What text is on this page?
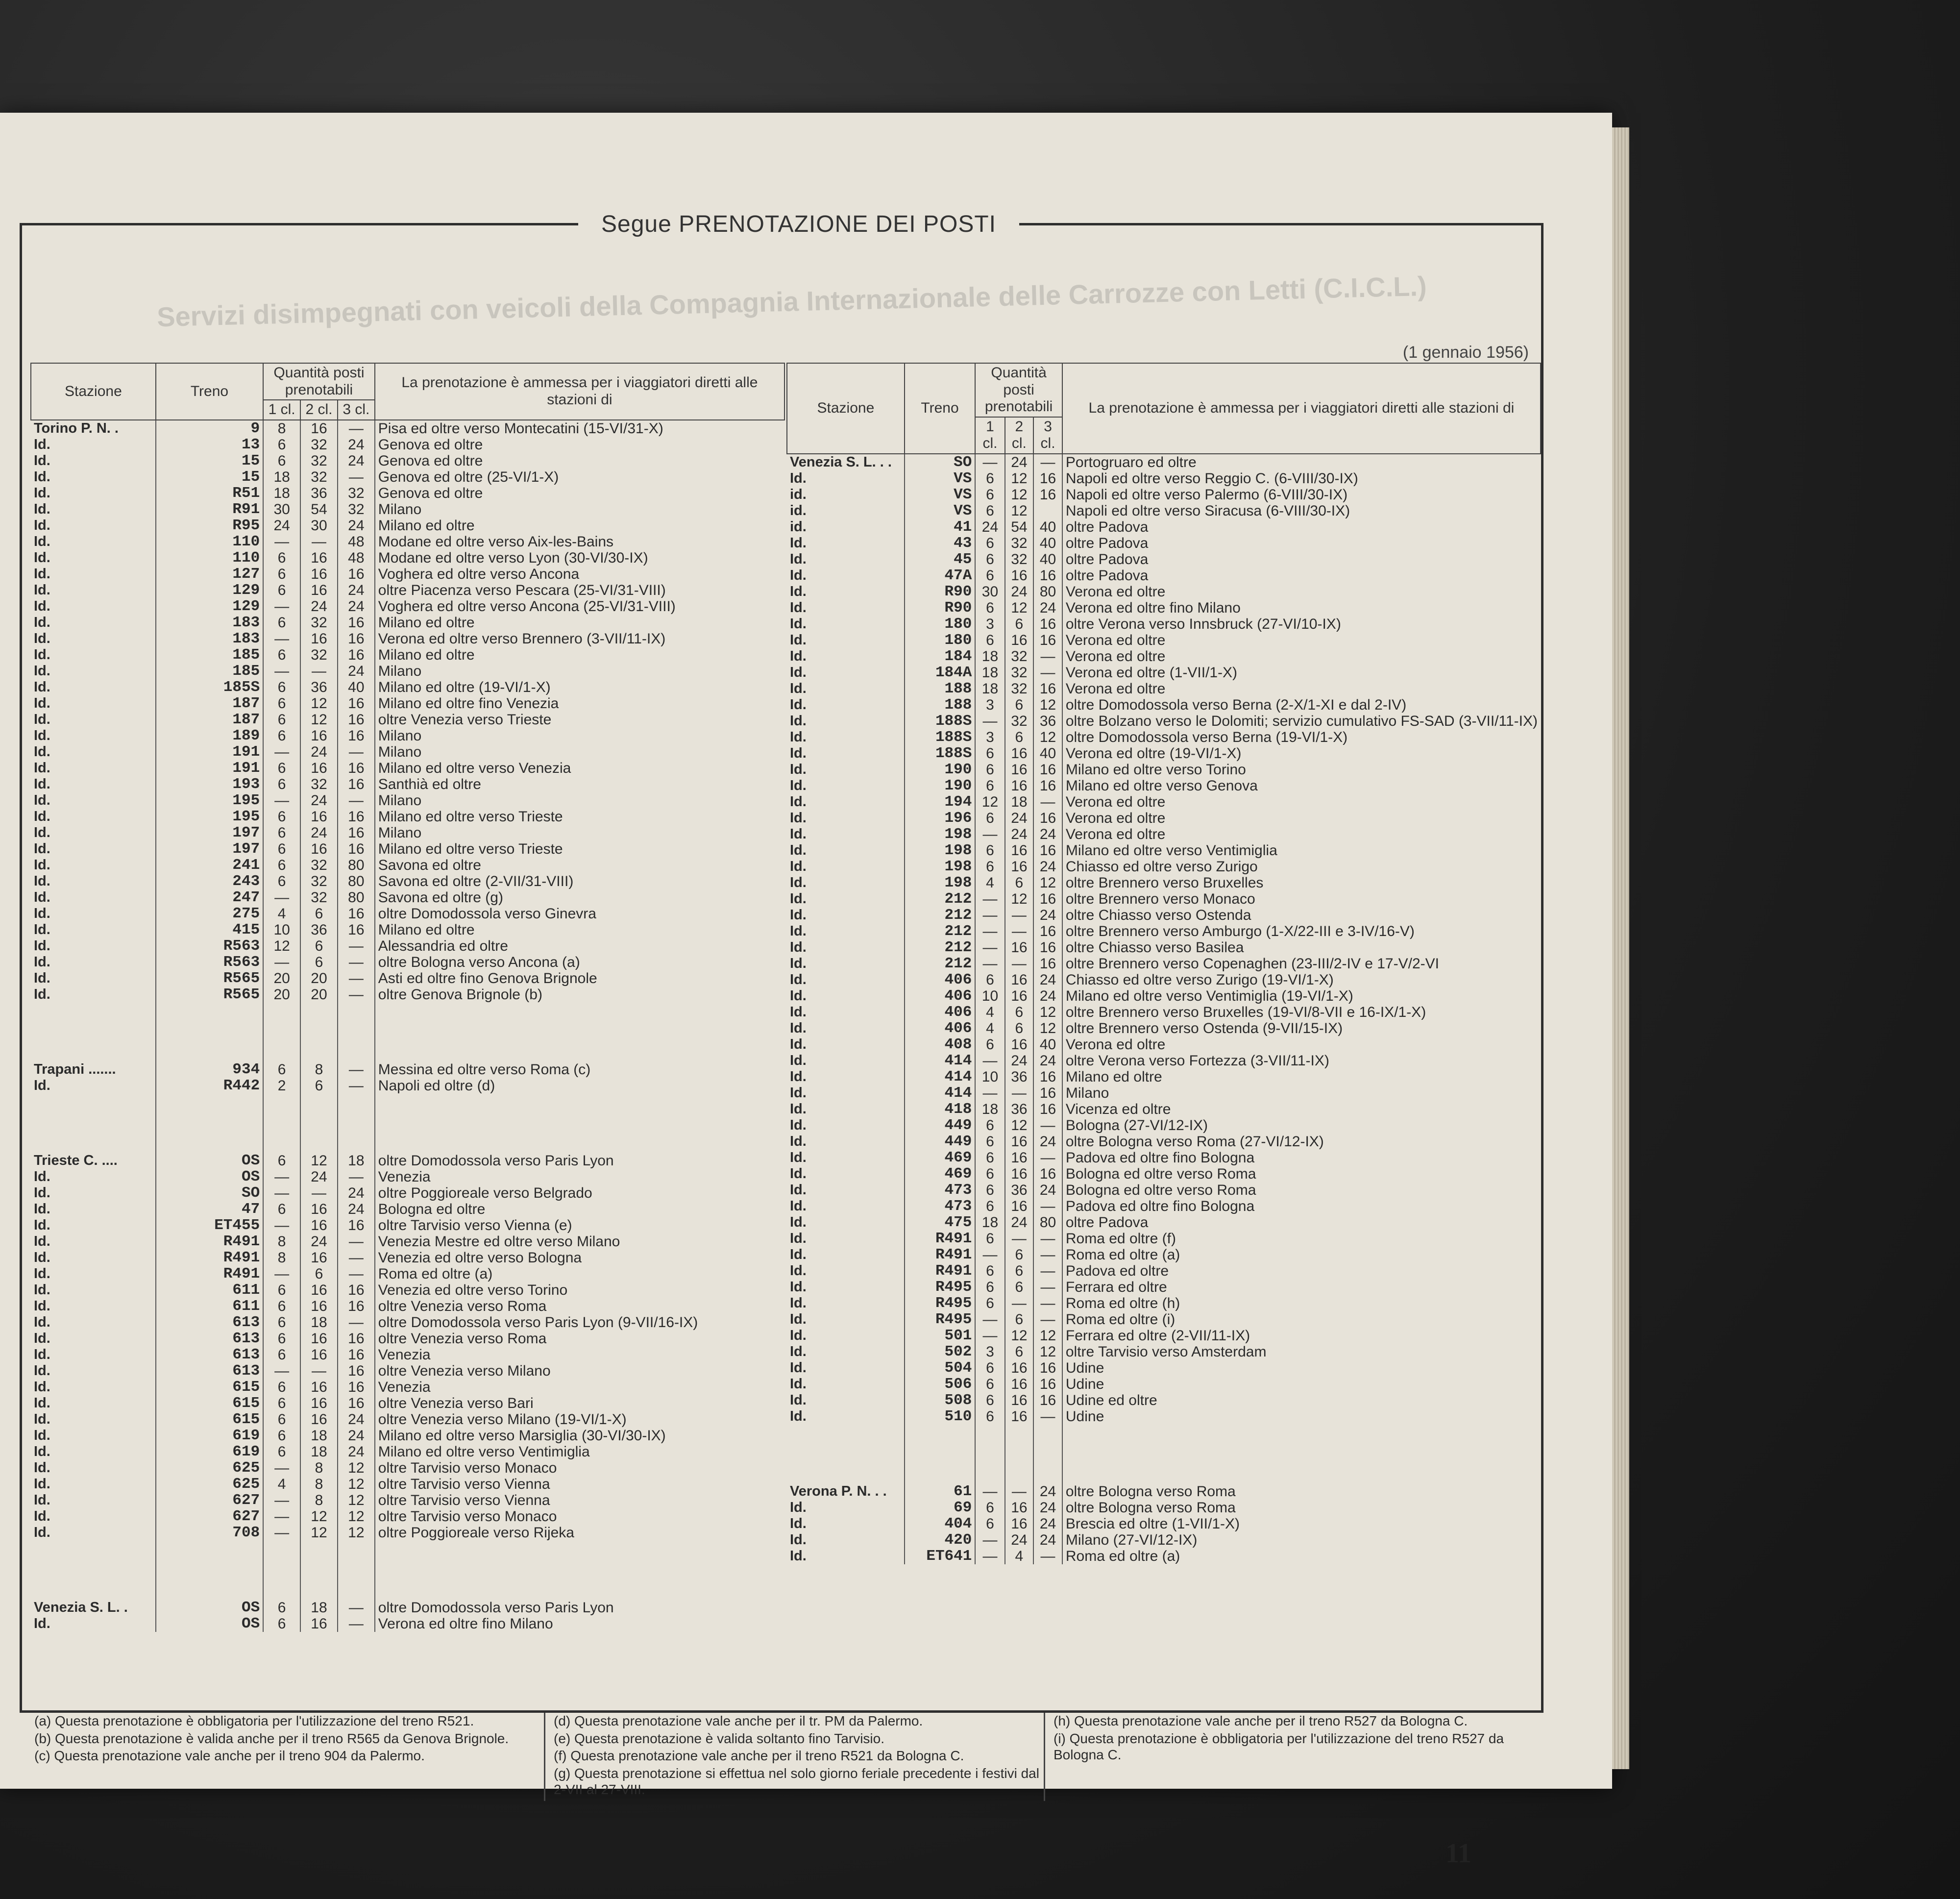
Servizi disimpegnati con veicoli della Compagnia Internazionale delle Carrozze con Letti (C.I.C.L.)
Segue PRENOTAZIONE DEI POSTI
(1 gennaio 1956)
Stazione	Treno	Quantità posti prenotabili			La prenotazione è ammessa per i viaggiatori diretti alle stazioni di
		1 cl.	2 cl.	3 cl.	
Torino P. N. .	9	8	16	—	Pisa ed oltre verso Montecatini (15-VI/31-X)
Id.	13	6	32	24	Genova ed oltre
Id.	15	6	32	24	Genova ed oltre
Id.	15	18	32	—	Genova ed oltre (25-VI/1-X)
Id.	R51	18	36	32	Genova ed oltre
Id.	R91	30	54	32	Milano
Id.	R95	24	30	24	Milano ed oltre
Id.	110	—	—	48	Modane ed oltre verso Aix-les-Bains
Id.	110	6	16	48	Modane ed oltre verso Lyon (30-VI/30-IX)
Id.	127	6	16	16	Voghera ed oltre verso Ancona
Id.	129	6	16	24	oltre Piacenza verso Pescara (25-VI/31-VIII)
Id.	129	—	24	24	Voghera ed oltre verso Ancona (25-VI/31-VIII)
Id.	183	6	32	16	Milano ed oltre
Id.	183	—	16	16	Verona ed oltre verso Brennero (3-VII/11-IX)
Id.	185	6	32	16	Milano ed oltre
Id.	185	—	—	24	Milano
Id.	185S	6	36	40	Milano ed oltre (19-VI/1-X)
Id.	187	6	12	16	Milano ed oltre fino Venezia
Id.	187	6	12	16	oltre Venezia verso Trieste
Id.	189	6	16	16	Milano
Id.	191	—	24	—	Milano
Id.	191	6	16	16	Milano ed oltre verso Venezia
Id.	193	6	32	16	Santhià ed oltre
Id.	195	—	24	—	Milano
Id.	195	6	16	16	Milano ed oltre verso Trieste
Id.	197	6	24	16	Milano
Id.	197	6	16	16	Milano ed oltre verso Trieste
Id.	241	6	32	80	Savona ed oltre
Id.	243	6	32	80	Savona ed oltre (2-VII/31-VIII)
Id.	247	—	32	80	Savona ed oltre (g)
Id.	275	4	6	16	oltre Domodossola verso Ginevra
Id.	415	10	36	16	Milano ed oltre
Id.	R563	12	6	—	Alessandria ed oltre
Id.	R563	—	6	—	oltre Bologna verso Ancona (a)
Id.	R565	20	20	—	Asti ed oltre fino Genova Brignole
Id.	R565	20	20	—	oltre Genova Brignole (b)

Trapani .......	934	6	8	—	Messina ed oltre verso Roma (c)
Id.	R442	2	6	—	Napoli ed oltre (d)

Trieste C. ....	OS	6	12	18	oltre Domodossola verso Paris Lyon
Id.	OS	—	24	—	Venezia
Id.	SO	—	—	24	oltre Poggioreale verso Belgrado
Id.	47	6	16	24	Bologna ed oltre
Id.	ET455	—	16	16	oltre Tarvisio verso Vienna (e)
Id.	R491	8	24	—	Venezia Mestre ed oltre verso Milano
Id.	R491	8	16	—	Venezia ed oltre verso Bologna
Id.	R491	—	6	—	Roma ed oltre (a)
Id.	611	6	16	16	Venezia ed oltre verso Torino
Id.	611	6	16	16	oltre Venezia verso Roma
Id.	613	6	18	—	oltre Domodossola verso Paris Lyon (9-VII/16-IX)
Id.	613	6	16	16	oltre Venezia verso Roma
Id.	613	6	16	16	Venezia
Id.	613	—	—	16	oltre Venezia verso Milano
Id.	615	6	16	16	Venezia
Id.	615	6	16	16	oltre Venezia verso Bari
Id.	615	6	16	24	oltre Venezia verso Milano (19-VI/1-X)
Id.	619	6	18	24	Milano ed oltre verso Marsiglia (30-VI/30-IX)
Id.	619	6	18	24	Milano ed oltre verso Ventimiglia
Id.	625	—	8	12	oltre Tarvisio verso Monaco
Id.	625	4	8	12	oltre Tarvisio verso Vienna
Id.	627	—	8	12	oltre Tarvisio verso Vienna
Id.	627	—	12	12	oltre Tarvisio verso Monaco
Id.	708	—	12	12	oltre Poggioreale verso Rijeka

Venezia S. L. .	OS	6	18	—	oltre Domodossola verso Paris Lyon
Id.	OS	6	16	—	Verona ed oltre fino Milano
Stazione	Treno	Quantità posti prenotabili			La prenotazione è ammessa per i viaggiatori diretti alle stazioni di
		1 cl.	2 cl.	3 cl.	
Venezia S. L. . .	SO	—	24	—	Portogruaro ed oltre
Id.	VS	6	12	16	Napoli ed oltre verso Reggio C. (6-VIII/30-IX)
id.	VS	6	12	16	Napoli ed oltre verso Palermo (6-VIII/30-IX)
id.	VS	6	12		Napoli ed oltre verso Siracusa (6-VIII/30-IX)
id.	41	24	54	40	oltre Padova
Id.	43	6	32	40	oltre Padova
Id.	45	6	32	40	oltre Padova
Id.	47A	6	16	16	oltre Padova
Id.	R90	30	24	80	Verona ed oltre
Id.	R90	6	12	24	Verona ed oltre fino Milano
Id.	180	3	6	16	oltre Verona verso Innsbruck (27-VI/10-IX)
Id.	180	6	16	16	Verona ed oltre
Id.	184	18	32	—	Verona ed oltre
Id.	184A	18	32	—	Verona ed oltre (1-VII/1-X)
Id.	188	18	32	16	Verona ed oltre
Id.	188	3	6	12	oltre Domodossola verso Berna (2-X/1-XI e dal 2-IV)
Id.	188S	—	32	36	oltre Bolzano verso le Dolomiti; servizio cumulativo FS-SAD (3-VII/11-IX)
Id.	188S	3	6	12	oltre Domodossola verso Berna (19-VI/1-X)
Id.	188S	6	16	40	Verona ed oltre (19-VI/1-X)
Id.	190	6	16	16	Milano ed oltre verso Torino
Id.	190	6	16	16	Milano ed oltre verso Genova
Id.	194	12	18	—	Verona ed oltre
Id.	196	6	24	16	Verona ed oltre
Id.	198	—	24	24	Verona ed oltre
Id.	198	6	16	16	Milano ed oltre verso Ventimiglia
Id.	198	6	16	24	Chiasso ed oltre verso Zurigo
Id.	198	4	6	12	oltre Brennero verso Bruxelles
Id.	212	—	12	16	oltre Brennero verso Monaco
Id.	212	—	—	24	oltre Chiasso verso Ostenda
Id.	212	—	—	16	oltre Brennero verso Amburgo (1-X/22-III e 3-IV/16-V)
Id.	212	—	16	16	oltre Chiasso verso Basilea
Id.	212	—	—	16	oltre Brennero verso Copenaghen (23-III/2-IV e 17-V/2-VI
Id.	406	6	16	24	Chiasso ed oltre verso Zurigo (19-VI/1-X)
Id.	406	10	16	24	Milano ed oltre verso Ventimiglia (19-VI/1-X)
Id.	406	4	6	12	oltre Brennero verso Bruxelles (19-VI/8-VII e 16-IX/1-X)
Id.	406	4	6	12	oltre Brennero verso Ostenda (9-VII/15-IX)
Id.	408	6	16	40	Verona ed oltre
Id.	414	—	24	24	oltre Verona verso Fortezza (3-VII/11-IX)
Id.	414	10	36	16	Milano ed oltre
Id.	414	—	—	16	Milano
Id.	418	18	36	16	Vicenza ed oltre
Id.	449	6	12	—	Bologna (27-VI/12-IX)
Id.	449	6	16	24	oltre Bologna verso Roma (27-VI/12-IX)
Id.	469	6	16	—	Padova ed oltre fino Bologna
Id.	469	6	16	16	Bologna ed oltre verso Roma
Id.	473	6	36	24	Bologna ed oltre verso Roma
Id.	473	6	16	—	Padova ed oltre fino Bologna
Id.	475	18	24	80	oltre Padova
Id.	R491	6	—	—	Roma ed oltre (f)
Id.	R491	—	6	—	Roma ed oltre (a)
Id.	R491	6	6	—	Padova ed oltre
Id.	R495	6	6	—	Ferrara ed oltre
Id.	R495	6	—	—	Roma ed oltre (h)
Id.	R495	—	6	—	Roma ed oltre (i)
Id.	501	—	12	12	Ferrara ed oltre (2-VII/11-IX)
Id.	502	3	6	12	oltre Tarvisio verso Amsterdam
Id.	504	6	16	16	Udine
Id.	506	6	16	16	Udine
Id.	508	6	16	16	Udine ed oltre
Id.	510	6	16	—	Udine

Verona P. N. . .	61	—	—	24	oltre Bologna verso Roma
Id.	69	6	16	24	oltre Bologna verso Roma
Id.	404	6	16	24	Brescia ed oltre (1-VII/1-X)
Id.	420	—	24	24	Milano (27-VI/12-IX)
Id.	ET641	—	4	—	Roma ed oltre (a)
(a) Questa prenotazione è obbligatoria per l'utilizzazione del treno R521.
(b) Questa prenotazione è valida anche per il treno R565 da Genova Brignole.
(c) Questa prenotazione vale anche per il treno 904 da Palermo.
(d) Questa prenotazione vale anche per il tr. PM da Palermo.
(e) Questa prenotazione è valida soltanto fino Tarvisio.
(f) Questa prenotazione vale anche per il treno R521 da Bologna C.
(g) Questa prenotazione si effettua nel solo giorno feriale precedente i festivi dal 2-VII al 27-VIII.
(h) Questa prenotazione vale anche per il treno R527 da Bologna C.
(i) Questa prenotazione è obbligatoria per l'utilizzazione del treno R527 da Bologna C.
11
